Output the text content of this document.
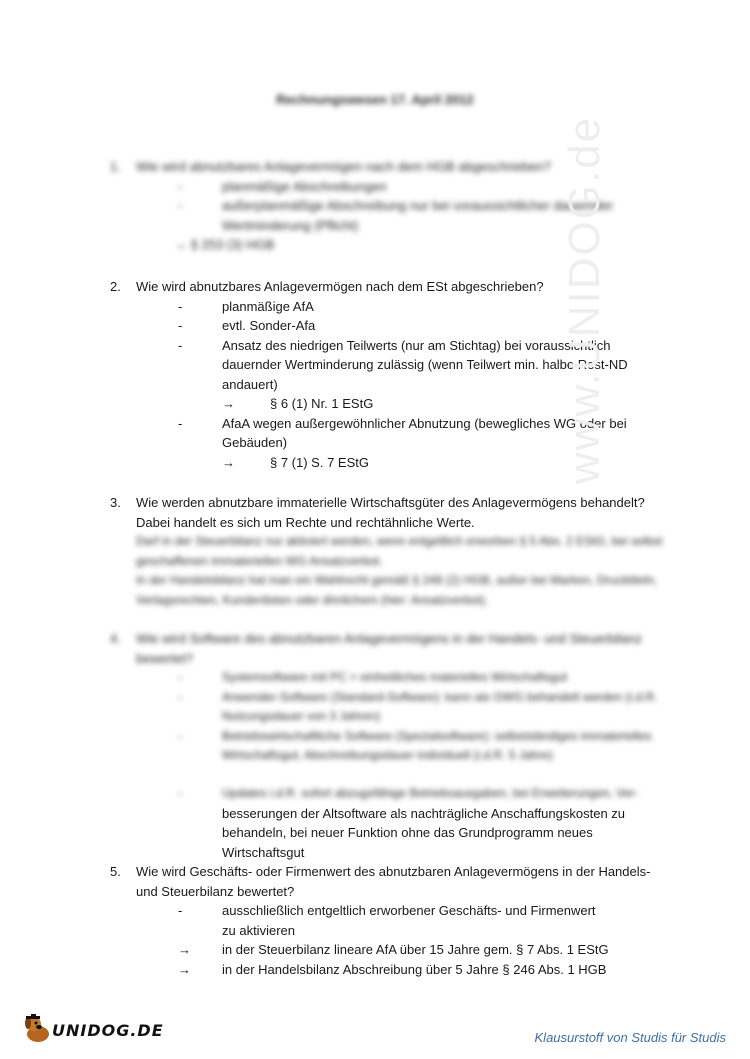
Rechnungswesen 17. April 2012
1. Wie wird abnutzbares Anlagevermögen nach dem HGB abgeschrieben?
-	planmäßige Abschreibungen
-	außerplanmäßige Abschreibung nur bei voraussichtlicher dauernder Wertminderung (Pflicht)
→ § 253 (3) HGB
2. Wie wird abnutzbares Anlagevermögen nach dem ESt abgeschrieben?
-	planmäßige AfA
-	evtl. Sonder-Afa
-	Ansatz des niedrigen Teilwerts (nur am Stichtag) bei voraussichtlich dauernder Wertminderung zulässig (wenn Teilwert min. halbe Rest-ND andauert)
→	§ 6 (1) Nr. 1 EStG
-	AfaA wegen außergewöhnlicher Abnutzung (bewegliches WG oder bei Gebäuden)
→	§ 7 (1) S. 7 EStG
3. Wie werden abnutzbare immaterielle Wirtschaftsgüter des Anlagevermögens behandelt? Dabei handelt es sich um Rechte und rechtähnliche Werte.
Darf in der Steuerbilanz nur aktiviert werden, wenn entgeltlich erworben § 5 Abs. 2 EStG, bei selbst geschaffenen immateriellen WG Ansatzverbot.
In der Handelsbilanz hat man ein Wahlrecht gemäß § 248 (2) HGB, außer bei Marken, Drucktiteln, Verlagsrechten, Kundenlisten oder ähnlichem (hier: Ansatzverbot).
4. Wie wird Software des abnutzbaren Anlagevermögens in der Handels- und Steuerbilanz bewertet?
-	Systemsoftware mit PC = einheitliches materielles Wirtschaftsgut
-	Anwender-Software (Standard-Software): kann als GWG behandelt werden (i.d.R. Nutzungsdauer von 3 Jahren)
-	Betriebswirtschaftliche Software (Spezialsoftware): selbstständiges immaterielles Wirtschaftsgut, Abschreibungsdauer individuell (i.d.R. 5 Jahre)
-	Updates i.d.R. sofort abzugsfähige Betriebsausgaben, bei Erweiterungen, Ver-
besserungen der Altsoftware als nachträgliche Anschaffungskosten zu behandeln, bei neuer Funktion ohne das Grundprogramm neues Wirtschaftsgut
5. Wie wird Geschäfts- oder Firmenwert des abnutzbaren Anlagevermögens in der Handels- und Steuerbilanz bewertet?
-	ausschließlich entgeltlich erworbener Geschäfts- und Firmenwert zu aktivieren
→ in der Steuerbilanz lineare AfA über 15 Jahre gem. § 7 Abs. 1 EStG
→ in der Handelsbilanz Abschreibung über 5 Jahre § 246 Abs. 1 HGB
www.UNIDOG.de
UNIDOG.DE	Klausurstoff von Studis für Studis
